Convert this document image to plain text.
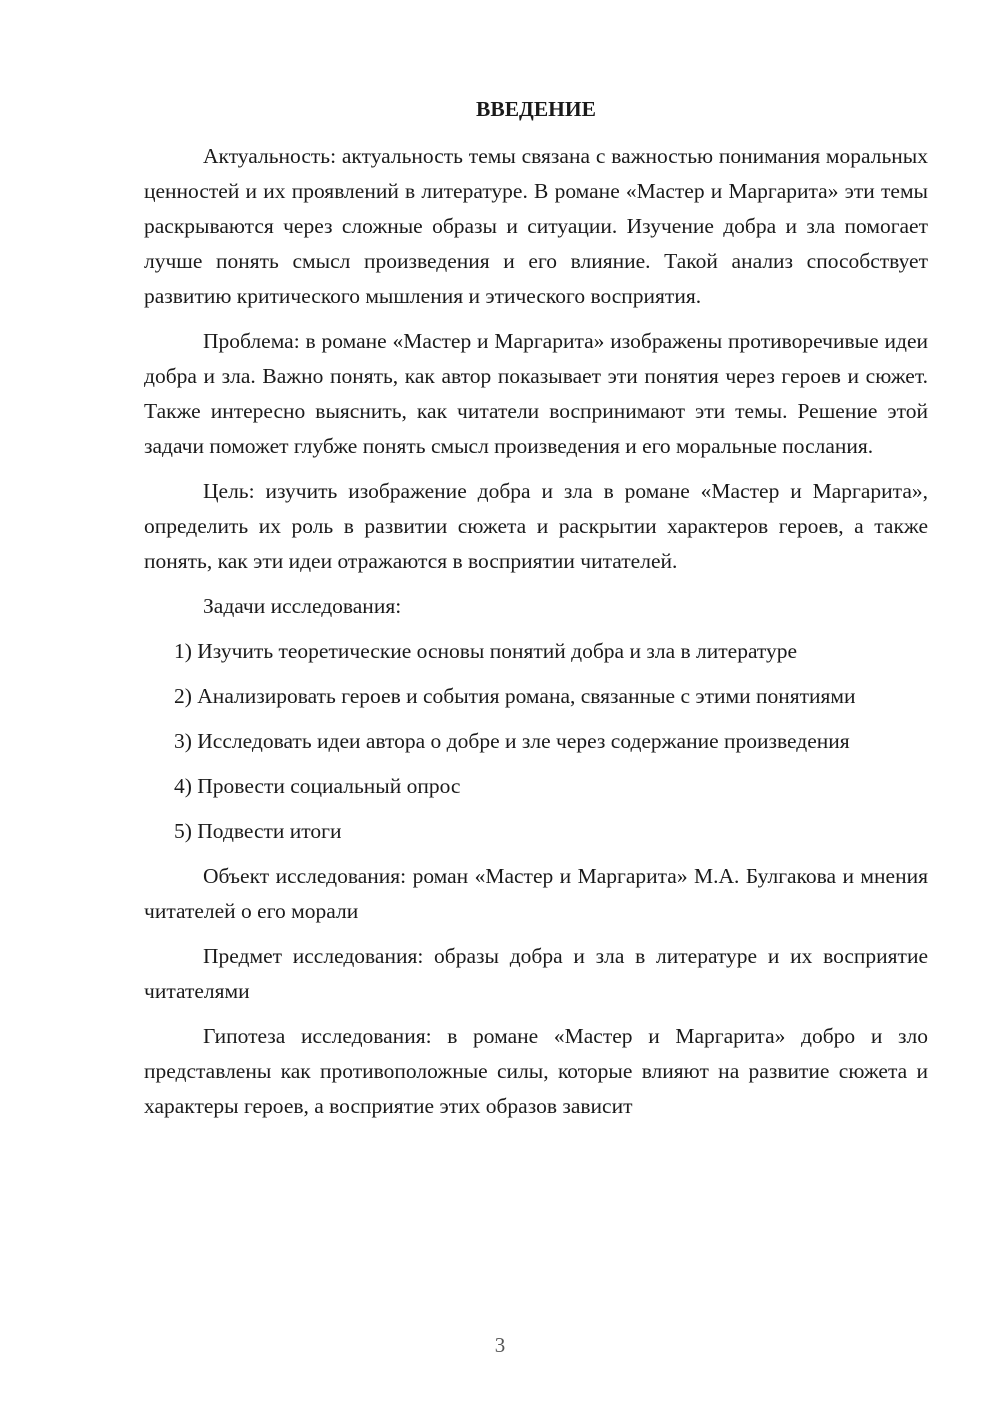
ВВЕДЕНИЕ

Актуальность: актуальность темы связана с важностью понимания моральных ценностей и их проявлений в литературе. В романе «Мастер и Маргарита» эти темы раскрываются через сложные образы и ситуации. Изучение добра и зла помогает лучше понять смысл произведения и его влияние. Такой анализ способствует развитию критического мышления и этического восприятия.

Проблема: в романе «Мастер и Маргарита» изображены противоречивые идеи добра и зла. Важно понять, как автор показывает эти понятия через героев и сюжет. Также интересно выяснить, как читатели воспринимают эти темы. Решение этой задачи поможет глубже понять смысл произведения и его моральные послания.

Цель: изучить изображение добра и зла в романе «Мастер и Маргарита», определить их роль в развитии сюжета и раскрытии характеров героев, а также понять, как эти идеи отражаются в восприятии читателей.

Задачи исследования:

1) Изучить теоретические основы понятий добра и зла в литературе

2) Анализировать героев и события романа, связанные с этими понятиями

3) Исследовать идеи автора о добре и зле через содержание произведения

4) Провести социальный опрос

5) Подвести итоги

Объект исследования: роман «Мастер и Маргарита» М.А. Булгакова и мнения читателей о его морали

Предмет исследования: образы добра и зла в литературе и их восприятие читателями

Гипотеза исследования: в романе «Мастер и Маргарита» добро и зло представлены как противоположные силы, которые влияют на развитие сюжета и характеры героев, а восприятие этих образов зависит

3
